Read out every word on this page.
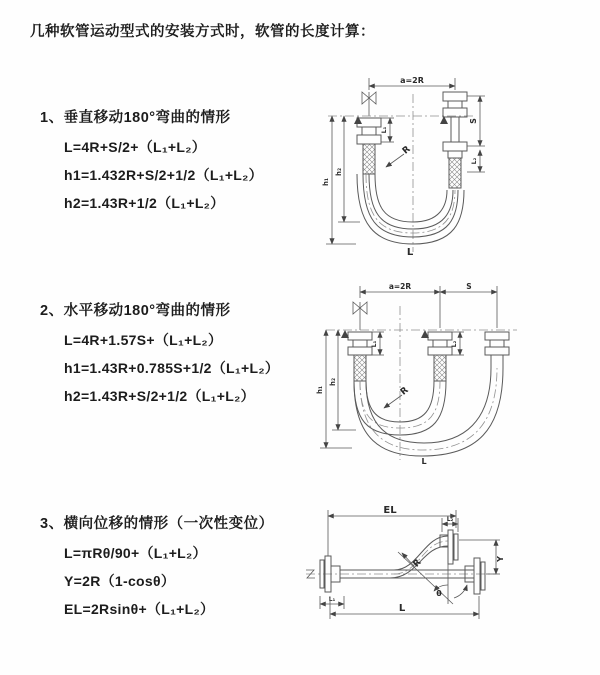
几种软管运动型式的安装方式时，软管的长度计算：
1、垂直移动180°弯曲的情形
L=4R+S/2+（L₁+L₂）
h1=1.432R+S/2+1/2（L₁+L₂）
h2=1.43R+1/2（L₁+L₂）
2、水平移动180°弯曲的情形
L=4R+1.57S+（L₁+L₂）
h1=1.43R+0.785S+1/2（L₁+L₂）
h2=1.43R+S/2+1/2（L₁+L₂）
3、横向位移的情形（一次性变位）
L=πRθ/90+（L₁+L₂）
Y=2R（1-cosθ）
EL=2Rsinθ+（L₁+L₂）
a=2R
h₁
h₂
L₁
S
L₂
R
L
a=2R	S
h₁
h₂
L₁	L₂
R
L
EL
L₂
Y
θ
R
L₁
L
